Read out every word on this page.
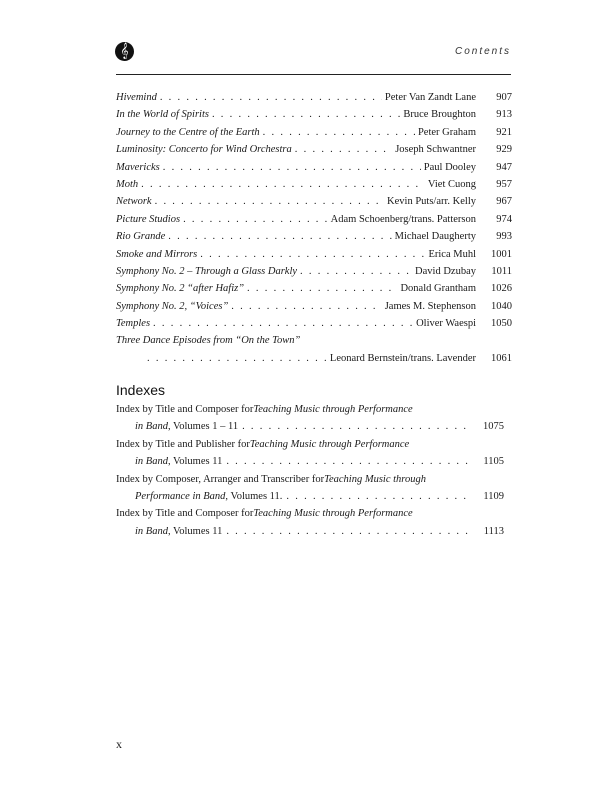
𝄞	Contents
Hivemind . . .	Peter Van Zandt Lane	907
In the World of Spirits . . .	Bruce Broughton	913
Journey to the Centre of the Earth . . .	Peter Graham	921
Luminosity: Concerto for Wind Orchestra . . .	Joseph Schwantner	929
Mavericks . . .	Paul Dooley	947
Moth . . .	Viet Cuong	957
Network . . .	Kevin Puts/arr. Kelly	967
Picture Studios . . .	Adam Schoenberg/trans. Patterson	974
Rio Grande . . .	Michael Daugherty	993
Smoke and Mirrors . . .	Erica Muhl	1001
Symphony No. 2 – Through a Glass Darkly . . .	David Dzubay	1011
Symphony No. 2 “after Hafiz” . . .	Donald Grantham	1026
Symphony No. 2, “Voices” . . .	James M. Stephenson	1040
Temples . . .	Oliver Waespi	1050
Three Dance Episodes from “On the Town”
. . .
Leonard Bernstein/trans. Lavender	1061
Indexes
Index by Title and Composer for Teaching Music through Performance
in Band , Volumes 1 – 11 . . .	1075
Index by Title and Publisher for Teaching Music through Performance
in Band , Volumes 11 . . .	1105
Index by Composer, Arranger and Transcriber for Teaching Music through
Performance in Band , Volumes 11. . . .	1109
Index by Title and Composer for Teaching Music through Performance
in Band , Volumes 11 . . .	1113
x
